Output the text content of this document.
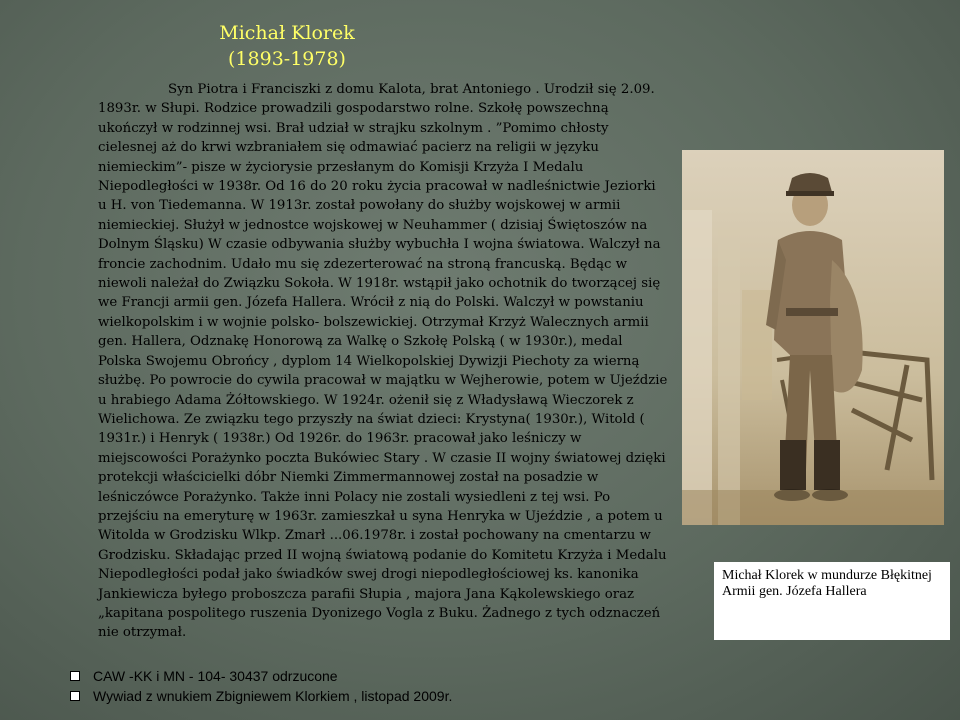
Michał Klorek
(1893-1978)
Syn Piotra i Franciszki z domu Kalota, brat Antoniego . Urodził się 2.09. 1893r. w Słupi. Rodzice prowadzili gospodarstwo rolne. Szkołę powszechną ukończył w rodzinnej wsi. Brał udział w strajku szkolnym . ”Pomimo chłosty cielesnej aż do krwi wzbraniałem się odmawiać pacierz na religii w języku niemieckim”- pisze w życiorysie przesłanym do Komisji Krzyża I Medalu Niepodległości w 1938r. Od 16 do 20 roku życia pracował w nadleśnictwie Jeziorki u H. von Tiedemanna. W 1913r. został powołany do służby wojskowej w armii niemieckiej. Służył w jednostce wojskowej w Neuhammer ( dzisiaj Świętoszów na Dolnym Śląsku) W czasie odbywania służby wybuchła I wojna światowa. Walczył na froncie zachodnim. Udało mu się zdezerterować na stroną francuską. Będąc w niewoli należał do Związku Sokoła. W 1918r. wstąpił jako ochotnik do tworzącej się we Francji armii gen. Józefa Hallera. Wrócił z nią do Polski. Walczył w powstaniu wielkopolskim i w wojnie polsko- bolszewickiej. Otrzymał Krzyż Walecznych armii gen. Hallera, Odznakę Honorową za Walkę o Szkołę Polską ( w 1930r.), medal Polska Swojemu Obrońcy , dyplom 14 Wielkopolskiej Dywizji Piechoty za wierną służbę. Po powrocie do cywila pracował w majątku w Wejherowie, potem w Ujeździe u hrabiego Adama Żółtowskiego. W 1924r. ożenił się z Władysławą Wieczorek z Wielichowa. Ze związku tego przyszły na świat dzieci: Krystyna( 1930r.), Witold ( 1931r.) i Henryk ( 1938r.) Od 1926r. do 1963r. pracował jako leśniczy w miejscowości Porażynko poczta Bukówiec Stary . W czasie II wojny światowej dzięki protekcji właścicielki dóbr Niemki Zimmermannowej został na posadzie w leśniczówce Porażynko. Także inni Polacy nie zostali wysiedleni z tej wsi. Po przejściu na emeryturę w 1963r. zamieszkał u syna Henryka w Ujeździe , a potem u Witolda w Grodzisku Wlkp. Zmarł ...06.1978r. i został pochowany na cmentarzu w Grodzisku. Składając przed II wojną światową podanie do Komitetu Krzyża i Medalu Niepodległości podał jako świadków swej drogi niepodległościowej ks. kanonika Jankiewicza byłego proboszcza parafii Słupia , majora Jana Kąkolewskiego oraz „kapitana pospolitego ruszenia Dyonizego Vogla z Buku. Żadnego z tych odznaczeń nie otrzymał.
Michał Klorek w mundurze Błękitnej Armii gen. Józefa Hallera
CAW -KK i MN - 104- 30437 odrzucone
Wywiad z wnukiem Zbigniewem Klorkiem , listopad 2009r.
